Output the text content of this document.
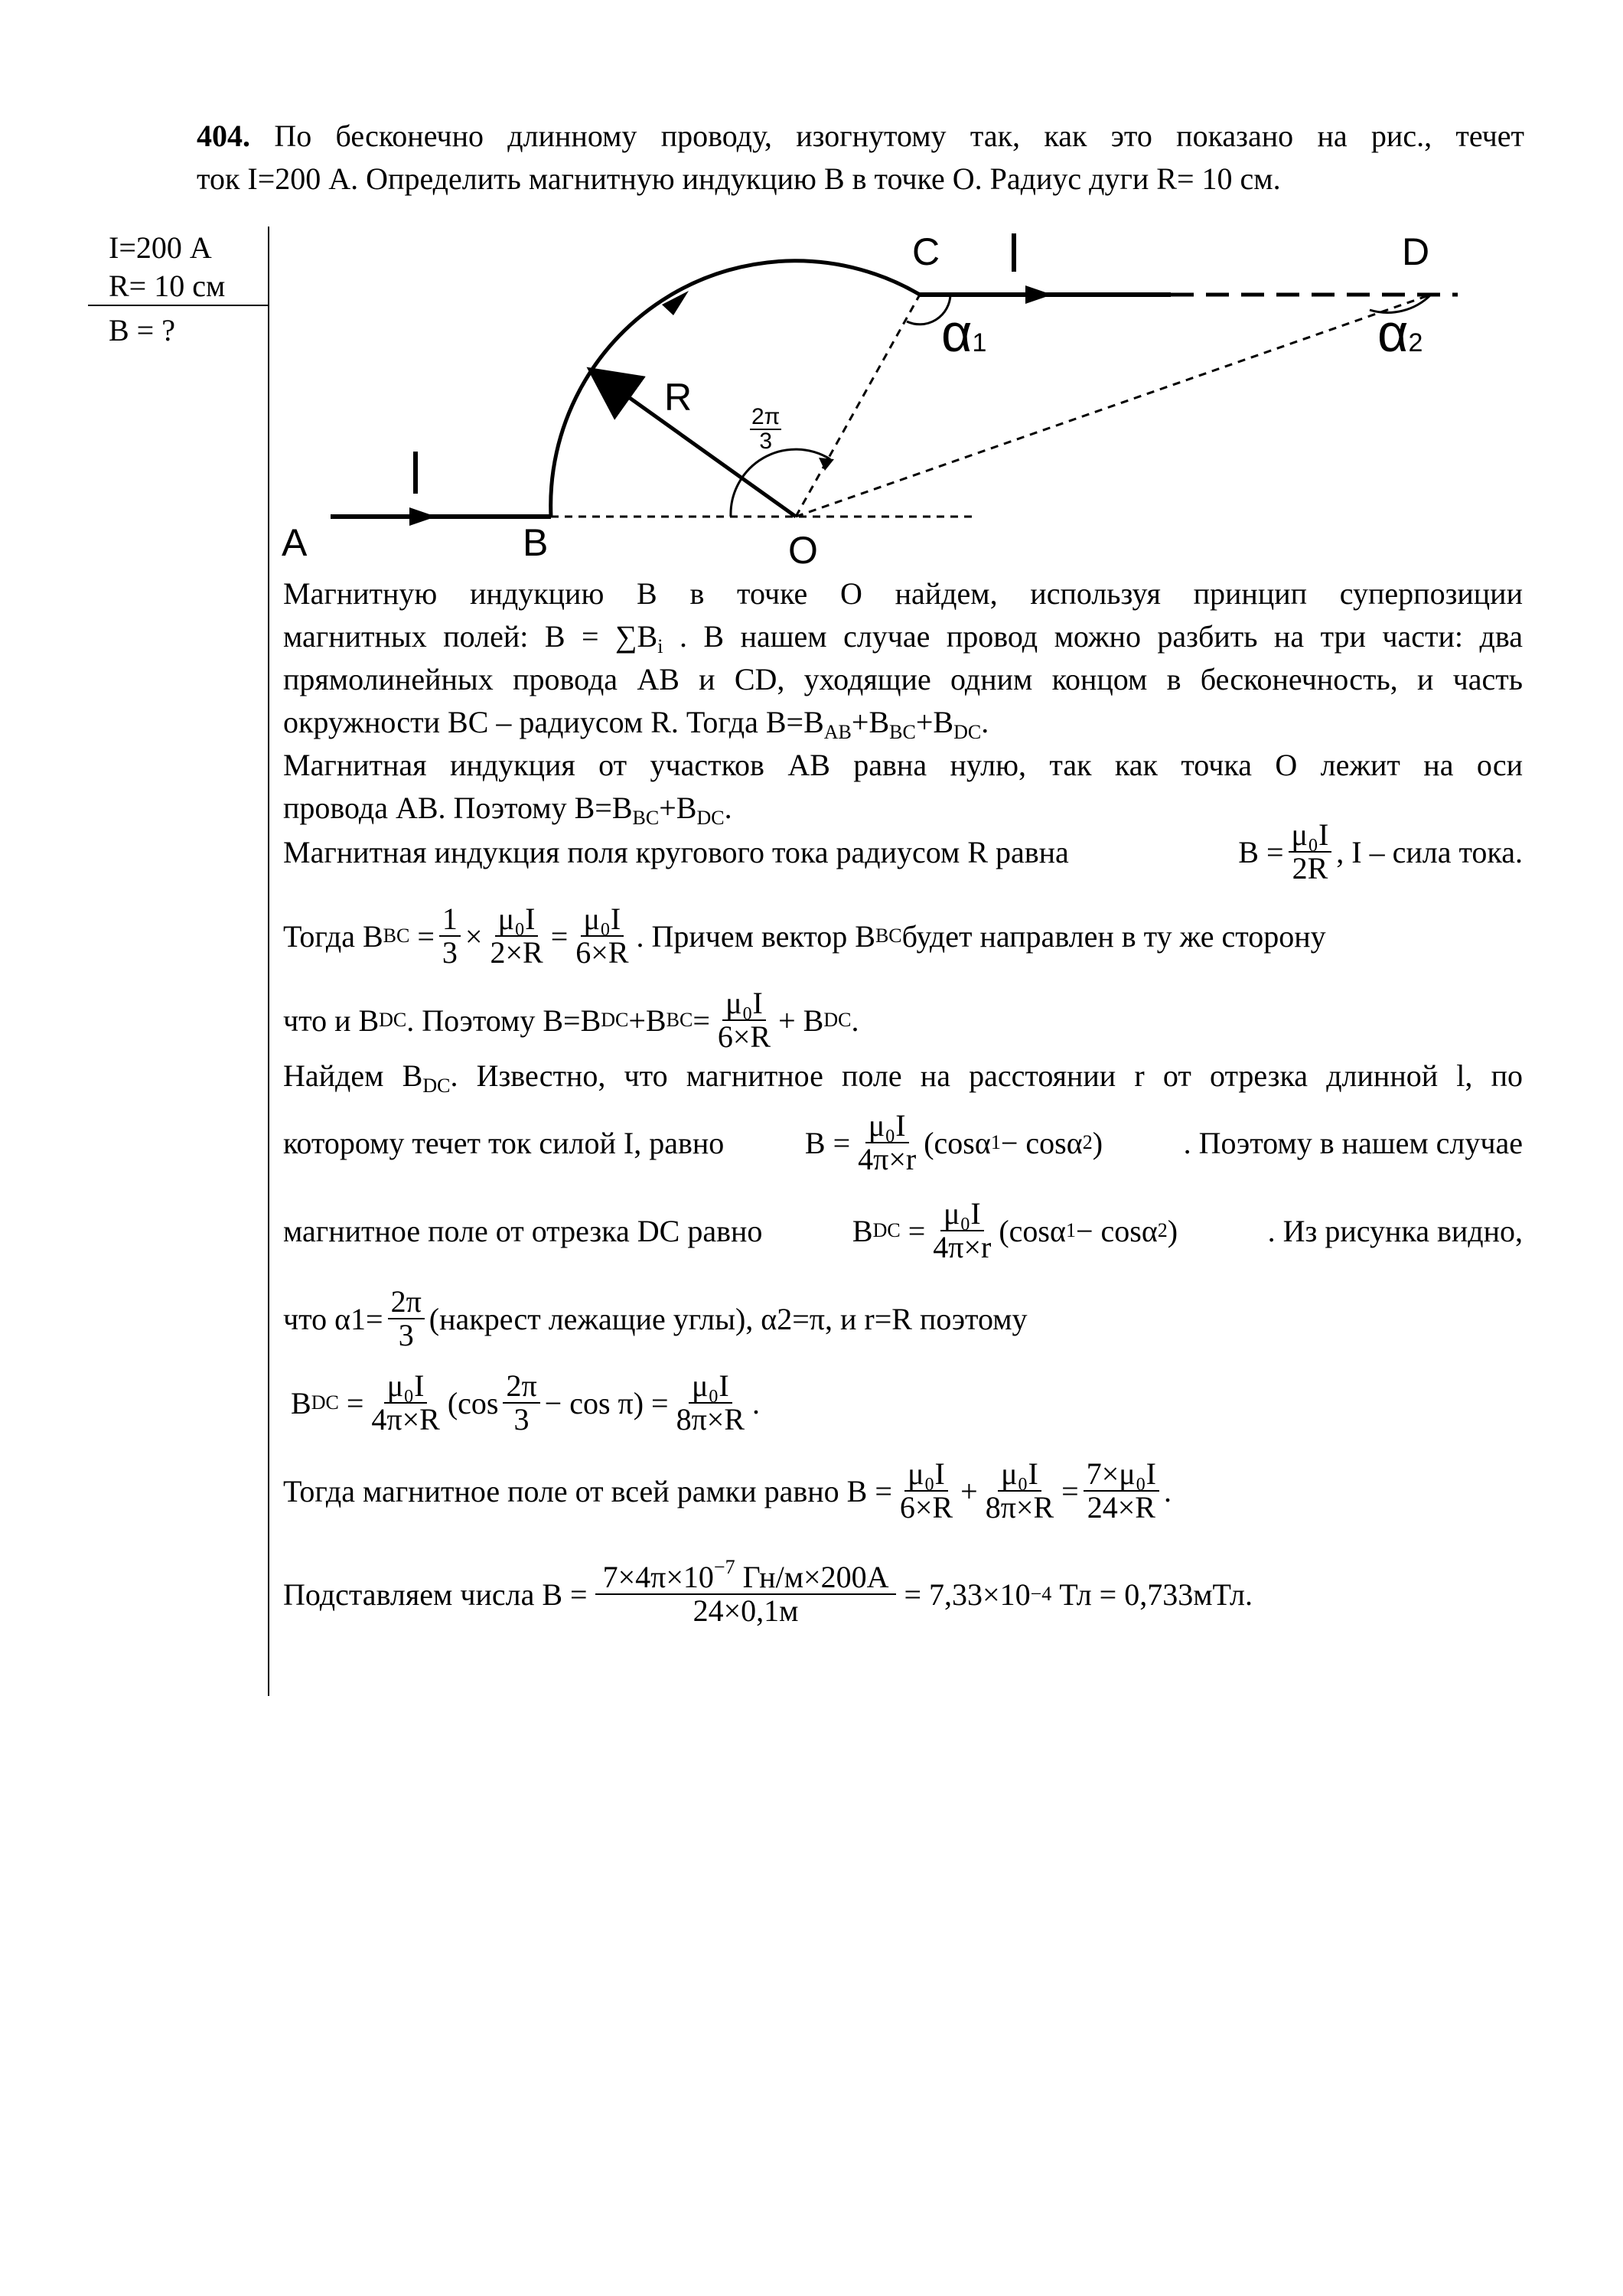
404. По бесконечно длинному проводу, изогнутому так, как это показано на рис., течет
ток I=200 А. Определить магнитную индукцию В в точке О. Радиус дуги R= 10 см.
I=200 А
R= 10 см
В = ?
A	B
C	D
O
R
$\frac{2\pi}{3}$
α1	α2
Магнитную индукцию В в точке О найдем, используя принцип суперпозиции
магнитных полей: $B = \sum B_i$ . В нашем случае провод можно разбить на три части: два
прямолинейных провода АВ и CD, уходящие одним концом в бесконечность, и часть
окружности ВС – радиусом R. Тогда $В=В_{AB}+В_{BC}+В_{DC}$.
Магнитная индукция от участков АВ равна нулю, так как точка О лежит на оси
провода АВ. Поэтому $В=В_{BC}+В_{DC}$.
Магнитная индукция поля кругового тока радиусом R равна	$B = \frac{\text{μ₀I}}{2R}$ , I – сила тока.
Тогда B BC = $\frac{1}{3} \times \frac{\text{μ₀I}}{2\times R} = \frac{\text{μ₀I}}{6\times R}$ . Причем вектор В BC будет направлен в ту же сторону
что и В DC . Поэтому В=В DC +В BC = $\frac{\text{μ₀I}}{6\times R} + B$ DC .
Найдем $В_{DC}$. Известно, что магнитное поле на расстоянии r от отрезка длинной l, по
которому течет ток силой I, равно	$B = \frac{\text{μ₀I}}{4\pi\times r} (\cos\alpha$ 1 − cosα 2 )	. Поэтому в нашем случае
магнитное поле от отрезка DC равно	B DC = $\frac{\text{μ₀I}}{4\pi\times r} (\cos\alpha$ 1 − cosα 2 )	. Из рисунка видно,
что $\alpha 1= \frac{2\pi}{3}$ (накрест лежащие углы), α2=π, и r=R поэтому
B DC = $\frac{\text{μ₀I}}{4\pi\times R} (\cos \frac{2\pi}{3} - \cos \pi) = \frac{\text{μ₀I}}{8\pi\times R}$ .
Тогда магнитное поле от всей рамки равно $B = \frac{\text{μ₀I}}{6\times R} + \frac{\text{μ₀I}}{8\pi\times R} = \frac{\text{7×μ₀I}}{24\times R}$ .
Подставляем числа $B = \frac{7\times 4\pi\times 10^{-7} Гн/м\times 200А}{24\times 0,1м} = 7,33\times 10 -4$
Тл = 0,733мТл .
